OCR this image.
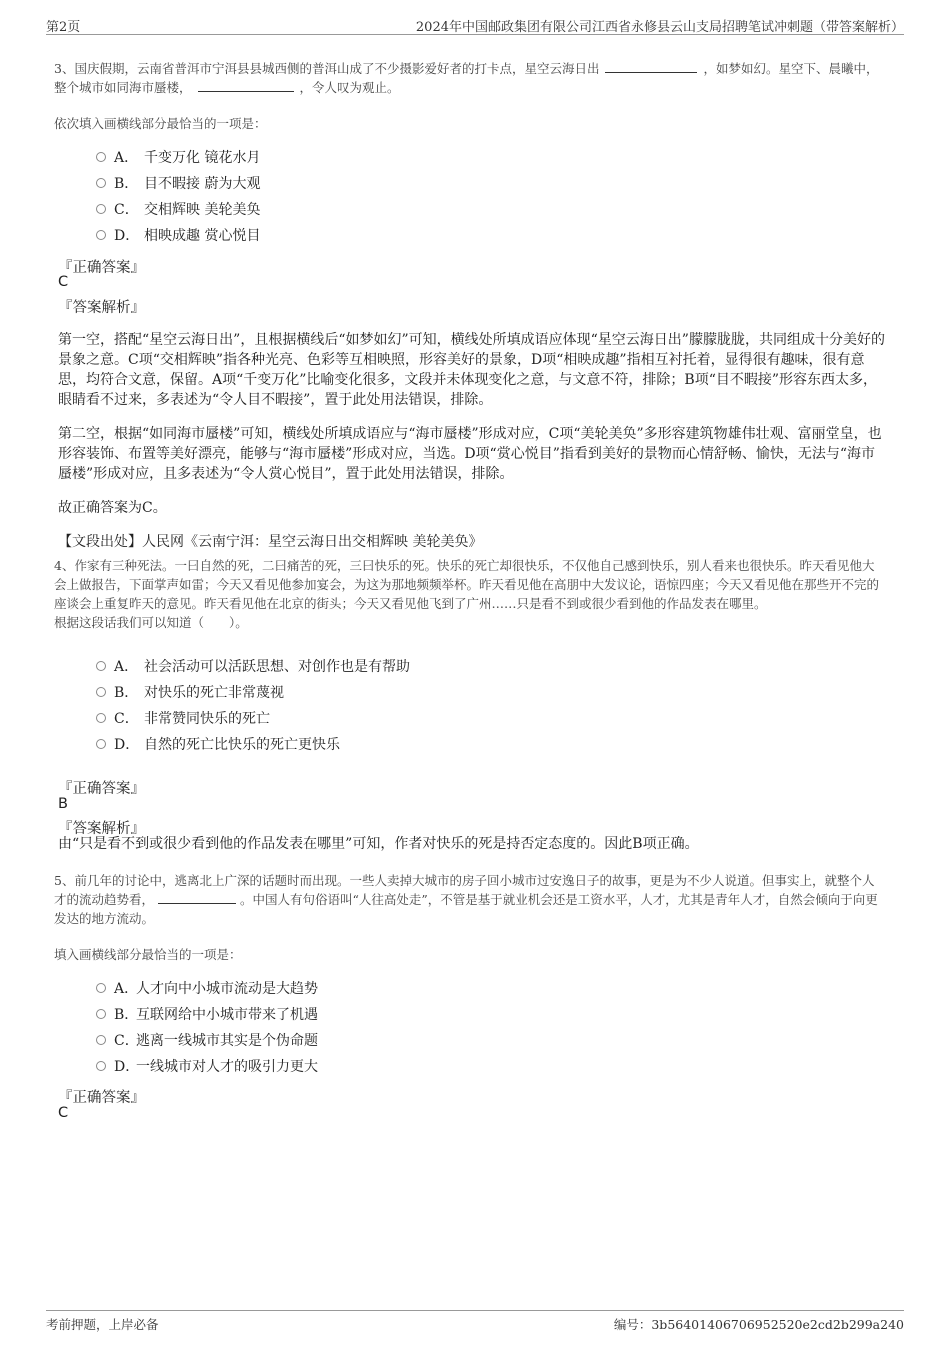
第2页	2024年中国邮政集团有限公司江西省永修县云山支局招聘笔试冲刺题（带答案解析）

3、国庆假期，云南省普洱市宁洱县县城西侧的普洱山成了不少摄影爱好者的打卡点，星空云海日出	，如梦如幻。星空下、晨曦中，整个城市如同海市蜃楼，	，令人叹为观止。

依次填入画横线部分最恰当的一项是：
A． 千变万化 镜花水月
B． 目不暇接 蔚为大观
C． 交相辉映 美轮美奂
D． 相映成趣 赏心悦目
『正确答案』
C
『答案解析』

第一空，搭配“星空云海日出”，且根据横线后“如梦如幻”可知，横线处所填成语应体现“星空云海日出”朦朦胧胧，共同组成十分美好的景象之意。C项“交相辉映”指各种光亮、色彩等互相映照，形容美好的景象，D项“相映成趣”指相互衬托着，显得很有趣味，很有意思，均符合文意，保留。A项“千变万化”比喻变化很多，文段并未体现变化之意，与文意不符，排除；B项“目不暇接”形容东西太多，眼睛看不过来，多表述为“令人目不暇接”，置于此处用法错误，排除。

第二空，根据“如同海市蜃楼”可知，横线处所填成语应与“海市蜃楼”形成对应，C项“美轮美奂”多形容建筑物雄伟壮观、富丽堂皇，也形容装饰、布置等美好漂亮，能够与“海市蜃楼”形成对应，当选。D项“赏心悦目”指看到美好的景物而心情舒畅、愉快，无法与“海市蜃楼”形成对应，且多表述为“令人赏心悦目”，置于此处用法错误，排除。

故正确答案为C。

【文段出处】人民网《云南宁洱：星空云海日出交相辉映 美轮美奂》

4、作家有三种死法。一曰自然的死，二曰痛苦的死，三曰快乐的死。快乐的死亡却很快乐，不仅他自己感到快乐，别人看来也很快乐。昨天看见他大会上做报告，下面掌声如雷；今天又看见他参加宴会，为这为那地频频举杯。昨天看见他在高朋中大发议论，语惊四座；今天又看见他在那些开不完的座谈会上重复昨天的意见。昨天看见他在北京的街头；今天又看见他飞到了广州……只是看不到或很少看到他的作品发表在哪里。

根据这段话我们可以知道（　　）。
A． 社会活动可以活跃思想、对创作也是有帮助
B． 对快乐的死亡非常蔑视
C． 非常赞同快乐的死亡
D． 自然的死亡比快乐的死亡更快乐
『正确答案』
B
『答案解析』
由“只是看不到或很少看到他的作品发表在哪里”可知，作者对快乐的死是持否定态度的。因此B项正确。

5、前几年的讨论中，逃离北上广深的话题时而出现。一些人卖掉大城市的房子回小城市过安逸日子的故事，更是为不少人说道。但事实上，就整个人才的流动趋势看，	。中国人有句俗语叫“人往高处走”，不管是基于就业机会还是工资水平，人才，尤其是青年人才，自然会倾向于向更发达的地方流动。

填入画横线部分最恰当的一项是：
A．人才向中小城市流动是大趋势
B．互联网给中小城市带来了机遇
C．逃离一线城市其实是个伪命题
D．一线城市对人才的吸引力更大
『正确答案』
C
考前押题，上岸必备	编号：3b56401406706952520e2cd2b299a240
